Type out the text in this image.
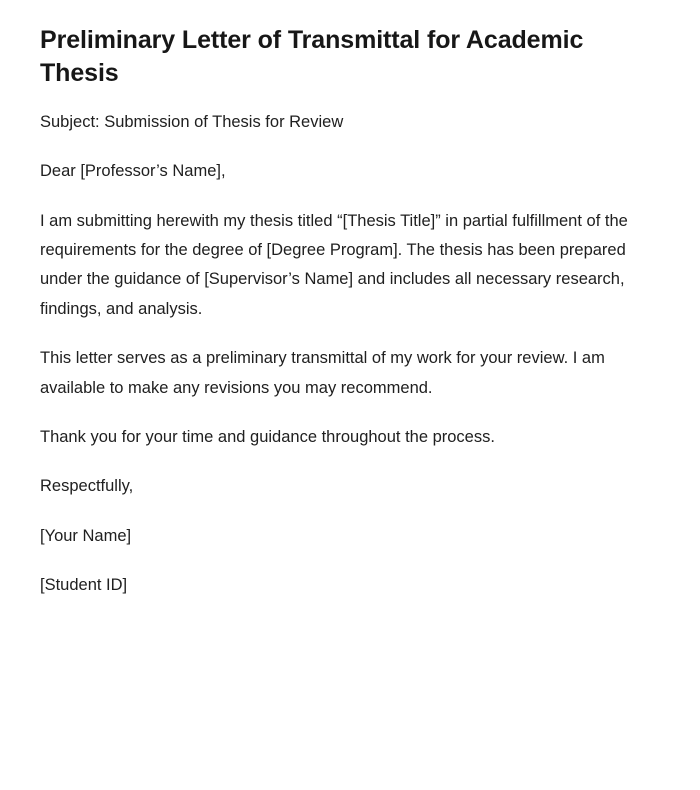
Preliminary Letter of Transmittal for Academic Thesis

Subject: Submission of Thesis for Review

Dear [Professor’s Name],

I am submitting herewith my thesis titled “[Thesis Title]” in partial fulfillment of the requirements for the degree of [Degree Program]. The thesis has been prepared under the guidance of [Supervisor’s Name] and includes all necessary research, findings, and analysis.

This letter serves as a preliminary transmittal of my work for your review. I am available to make any revisions you may recommend.

Thank you for your time and guidance throughout the process.

Respectfully,

[Your Name]

[Student ID]
